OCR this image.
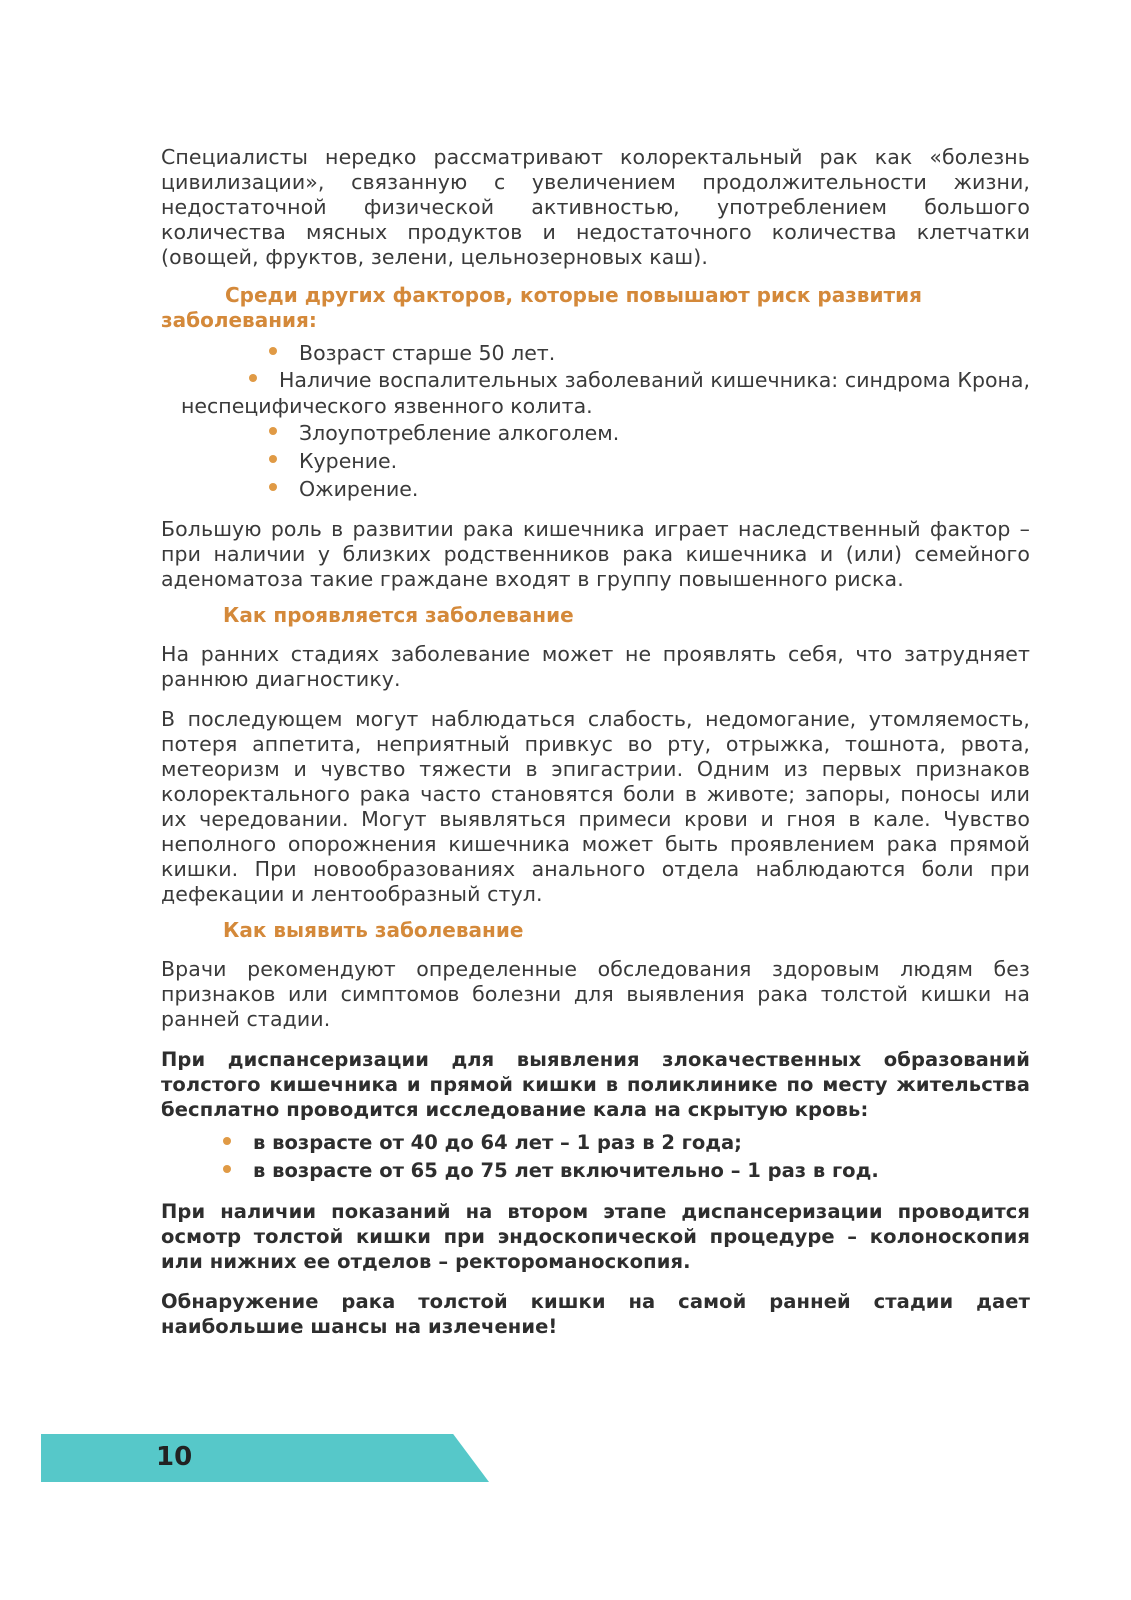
Специалисты нередко рассматривают колоректальный рак как «болезнь цивилизации», связанную с увеличением продолжительности жизни, недостаточной физической активностью, употреблением большого количества мясных продуктов и недостаточного количества клетчатки (овощей, фруктов, зелени, цельнозерновых каш).

Среди других факторов, которые повышают риск развития заболевания:

Возраст старше 50 лет.
Наличие воспалительных заболеваний кишечника: синдрома Крона, неспецифического язвенного колита.
Злоупотребление алкоголем.
Курение.
Ожирение.

Большую роль в развитии рака кишечника играет наследственный фактор – при наличии у близких родственников рака кишечника и (или) семейного аденоматоза такие граждане входят в группу повышенного риска.

Как проявляется заболевание

На ранних стадиях заболевание может не проявлять себя, что затрудняет раннюю диагностику.

В последующем могут наблюдаться слабость, недомогание, утомляемость, потеря аппетита, неприятный привкус во рту, отрыжка, тошнота, рвота, метеоризм и чувство тяжести в эпигастрии. Одним из первых признаков колоректального рака часто становятся боли в животе; запоры, поносы или их чередовании. Могут выявляться примеси крови и гноя в кале. Чувство неполного опорожнения кишечника может быть проявлением рака прямой кишки. При новообразованиях анального отдела наблюдаются боли при дефекации и лентообразный стул.

Как выявить заболевание

Врачи рекомендуют определенные обследования здоровым людям без признаков или симптомов болезни для выявления рака толстой кишки на ранней стадии.

При диспансеризации для выявления злокачественных образований толстого кишечника и прямой кишки в поликлинике по месту жительства бесплатно проводится исследование кала на скрытую кровь:

в возрасте от 40 до 64 лет – 1 раз в 2 года;
в возрасте от 65 до 75 лет включительно – 1 раз в год.

При наличии показаний на втором этапе диспансеризации проводится осмотр толстой кишки при эндоскопической процедуре – колоноскопия или нижних ее отделов – ректороманоскопия.

Обнаружение рака толстой кишки на самой ранней стадии дает наибольшие шансы на излечение!

10
